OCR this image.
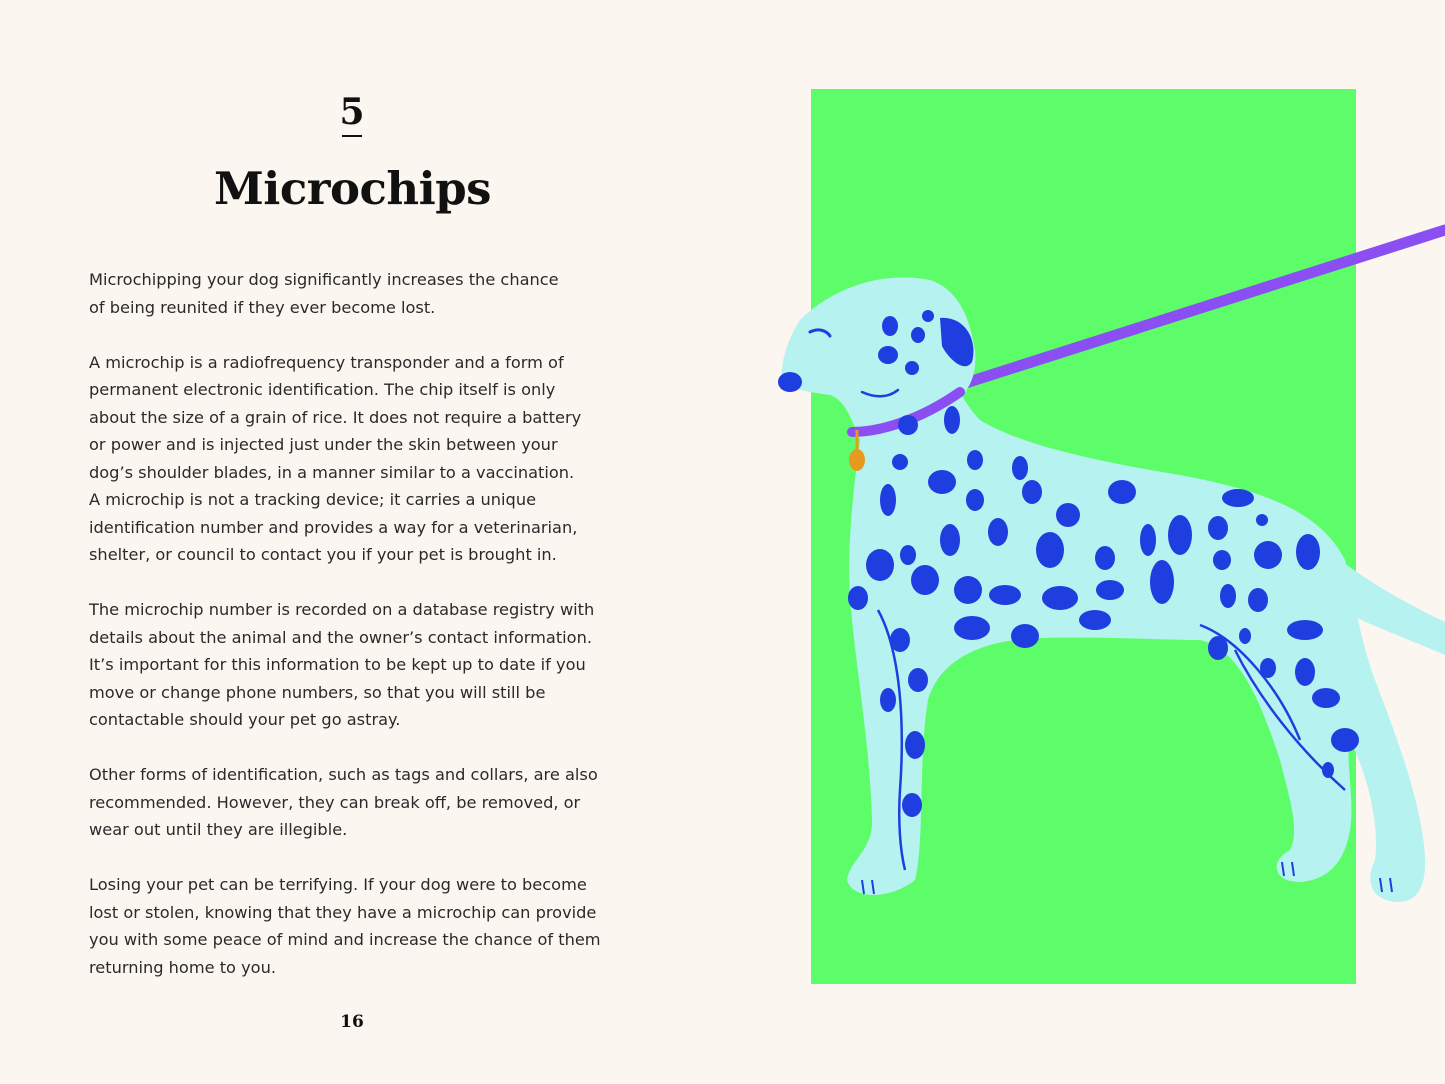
5
Microchips

Microchipping your dog significantly increases the chance
of being reunited if they ever become lost.

A microchip is a radiofrequency transponder and a form of
permanent electronic identification. The chip itself is only
about the size of a grain of rice. It does not require a battery
or power and is injected just under the skin between your
dog’s shoulder blades, in a manner similar to a vaccination.
A microchip is not a tracking device; it carries a unique
identification number and provides a way for a veterinarian,
shelter, or council to contact you if your pet is brought in.

The microchip number is recorded on a database registry with
details about the animal and the owner’s contact information.
It’s important for this information to be kept up to date if you
move or change phone numbers, so that you will still be
contactable should your pet go astray.

Other forms of identification, such as tags and collars, are also
recommended. However, they can break off, be removed, or
wear out until they are illegible.

Losing your pet can be terrifying. If your dog were to become
lost or stolen, knowing that they have a microchip can provide
you with some peace of mind and increase the chance of them
returning home to you.

16
